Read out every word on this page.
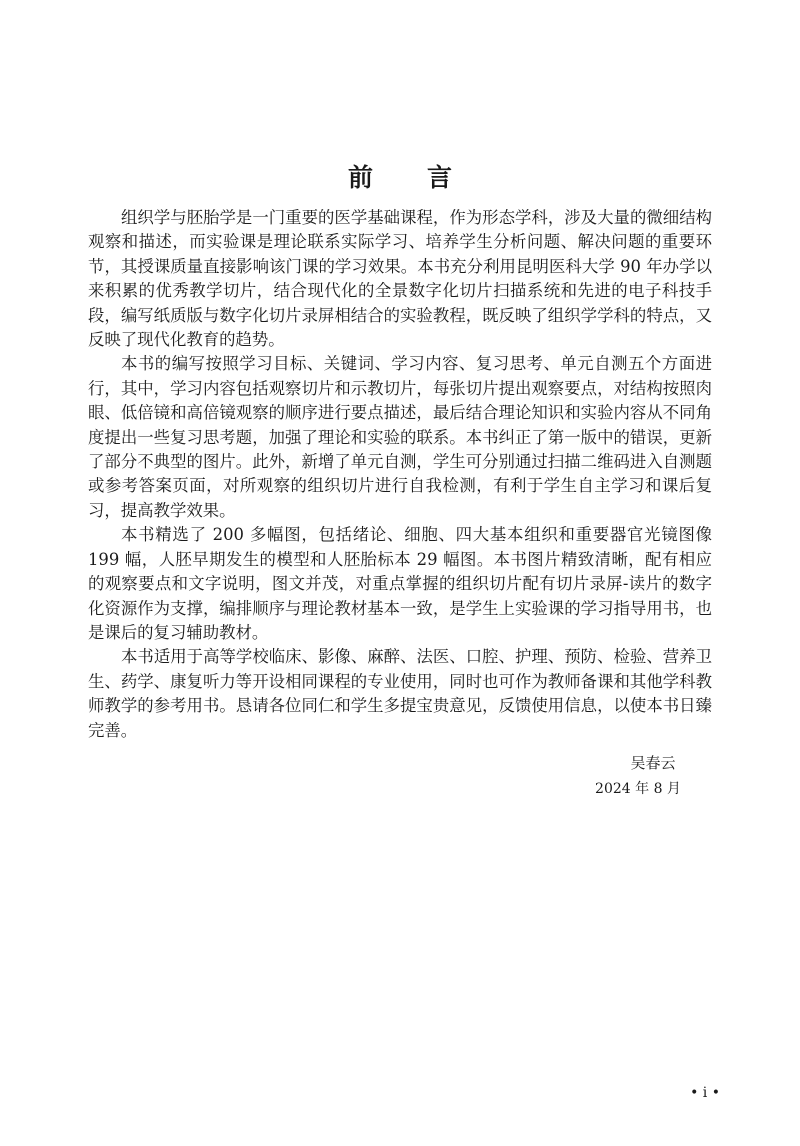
前言

组织学与胚胎学是一门重要的医学基础课程，作为形态学科，涉及大量的微细结构观察和描述，而实验课是理论联系实际学习、培养学生分析问题、解决问题的重要环节，其授课质量直接影响该门课的学习效果。本书充分利用昆明医科大学 90 年办学以来积累的优秀教学切片，结合现代化的全景数字化切片扫描系统和先进的电子科技手段，编写纸质版与数字化切片录屏相结合的实验教程，既反映了组织学学科的特点，又反映了现代化教育的趋势。

本书的编写按照学习目标、关键词、学习内容、复习思考、单元自测五个方面进行，其中，学习内容包括观察切片和示教切片，每张切片提出观察要点，对结构按照肉眼、低倍镜和高倍镜观察的顺序进行要点描述，最后结合理论知识和实验内容从不同角度提出一些复习思考题，加强了理论和实验的联系。本书纠正了第一版中的错误，更新了部分不典型的图片。此外，新增了单元自测，学生可分别通过扫描二维码进入自测题或参考答案页面，对所观察的组织切片进行自我检测，有利于学生自主学习和课后复习，提高教学效果。

本书精选了 200 多幅图，包括绪论、细胞、四大基本组织和重要器官光镜图像 199 幅，人胚早期发生的模型和人胚胎标本 29 幅图。本书图片精致清晰，配有相应的观察要点和文字说明，图文并茂，对重点掌握的组织切片配有切片录屏-读片的数字化资源作为支撑，编排顺序与理论教材基本一致，是学生上实验课的学习指导用书，也是课后的复习辅助教材。

本书适用于高等学校临床、影像、麻醉、法医、口腔、护理、预防、检验、营养卫生、药学、康复听力等开设相同课程的专业使用，同时也可作为教师备课和其他学科教师教学的参考用书。恳请各位同仁和学生多提宝贵意见，反馈使用信息，以使本书日臻完善。

吴春云
2024 年 8 月
• i •
